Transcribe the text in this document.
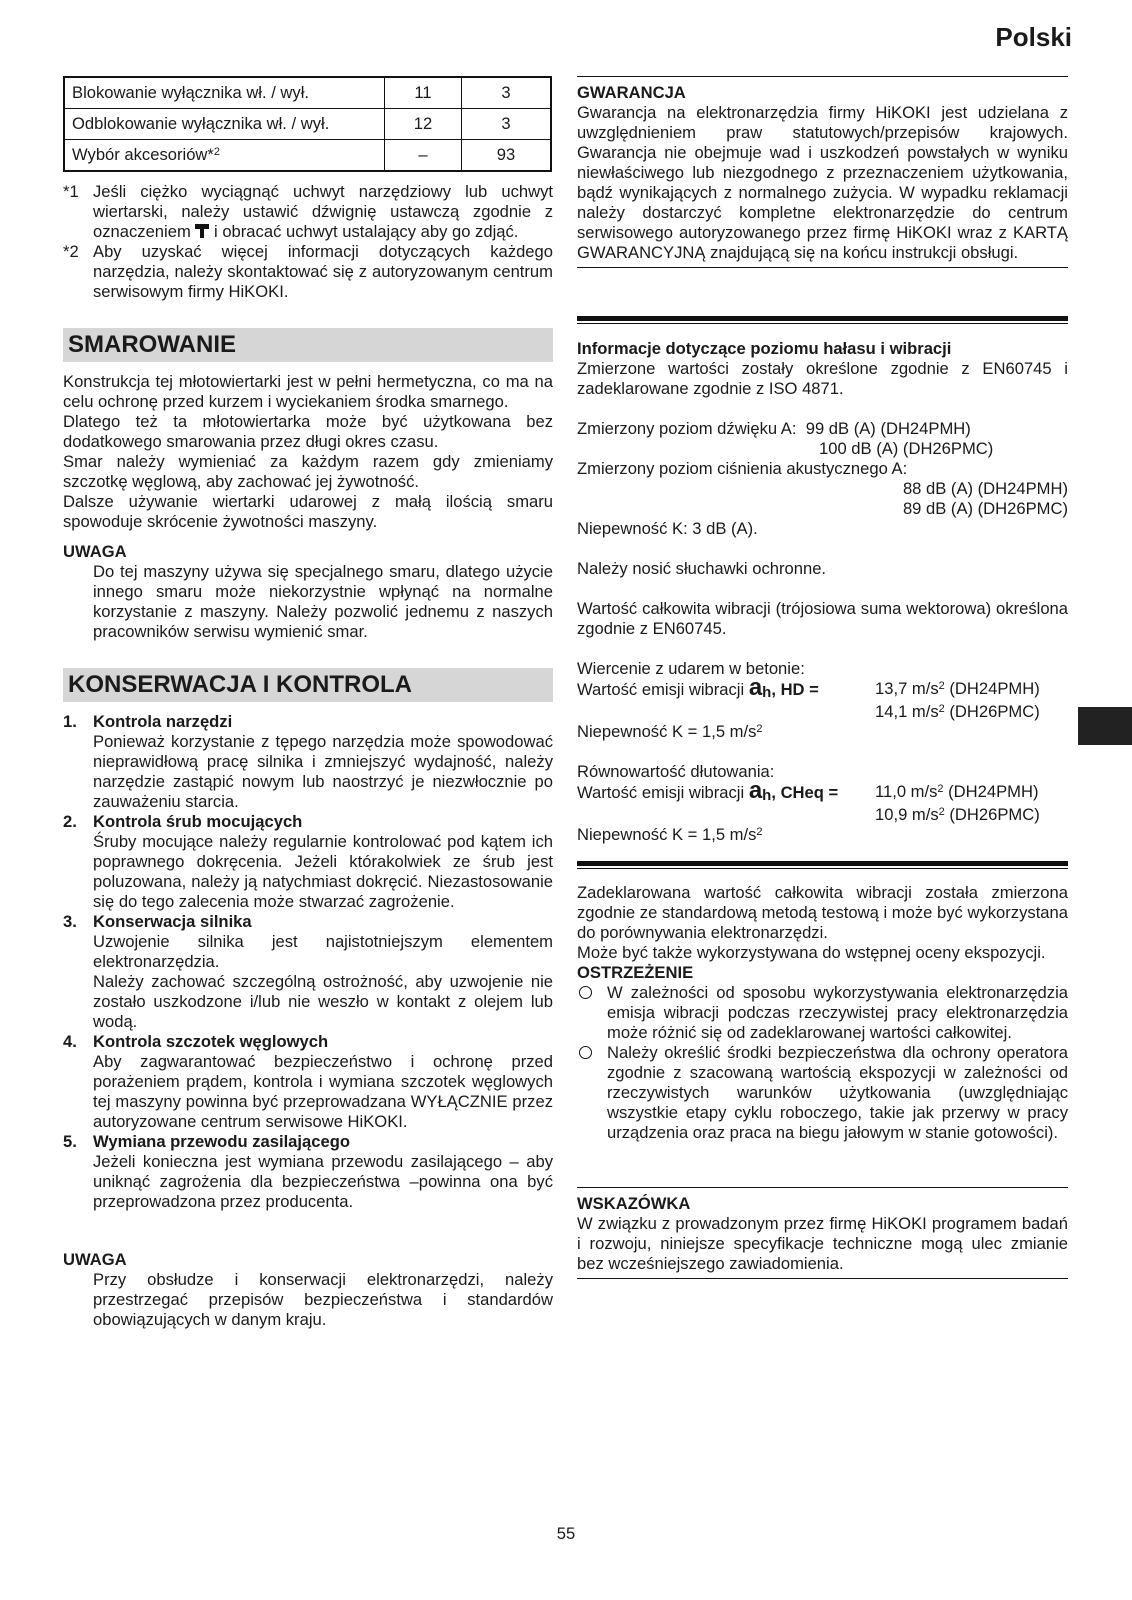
Polski
Blokowanie wyłącznika wł. / wył.	11	3
Odblokowanie wyłącznika wł. / wył.	12	3
Wybór akcesoriów*$^2$	–	93
*1 Jeśli ciężko wyciągnąć uchwyt narzędziowy lub uchwyt wiertarski, należy ustawić dźwignię ustawczą zgodnie z oznaczeniem i obracać uchwyt ustalający aby go zdjąć.
*2 Aby uzyskać więcej informacji dotyczących każdego narzędzia, należy skontaktować się z autoryzowanym centrum serwisowym firmy HiKOKI.
SMAROWANIE

Konstrukcja tej młotowiertarki jest w pełni hermetyczna, co ma na celu ochronę przed kurzem i wyciekaniem środka smarnego.

Dlatego też ta młotowiertarka może być użytkowana bez dodatkowego smarowania przez długi okres czasu.

Smar należy wymieniać za każdym razem gdy zmieniamy szczotkę węglową, aby zachować jej żywotność.

Dalsze używanie wiertarki udarowej z małą ilością smaru spowoduje skrócenie żywotności maszyny.

UWAGA

Do tej maszyny używa się specjalnego smaru, dlatego użycie innego smaru może niekorzystnie wpłynąć na normalne korzystanie z maszyny. Należy pozwolić jednemu z naszych pracowników serwisu wymienić smar.

KONSERWACJA I KONTROLA
1. Kontrola narzędzi

Ponieważ korzystanie z tępego narzędzia może spowodować nieprawidłową pracę silnika i zmniejszyć wydajność, należy narzędzie zastąpić nowym lub naostrzyć je niezwłocznie po zauważeniu starcia.

2. Kontrola śrub mocujących

Śruby mocujące należy regularnie kontrolować pod kątem ich poprawnego dokręcenia. Jeżeli którakolwiek ze śrub jest poluzowana, należy ją natychmiast dokręcić. Niezastosowanie się do tego zalecenia może stwarzać zagrożenie.

3. Konserwacja silnika

Uzwojenie silnika jest najistotniejszym elementem elektronarzędzia.

Należy zachować szczególną ostrożność, aby uzwojenie nie zostało uszkodzone i/lub nie weszło w kontakt z olejem lub wodą.

4. Kontrola szczotek węglowych

Aby zagwarantować bezpieczeństwo i ochronę przed porażeniem prądem, kontrola i wymiana szczotek węglowych tej maszyny powinna być przeprowadzana WYŁĄCZNIE przez autoryzowane centrum serwisowe HiKOKI.

5. Wymiana przewodu zasilającego

Jeżeli konieczna jest wymiana przewodu zasilającego – aby uniknąć zagrożenia dla bezpieczeństwa –powinna ona być przeprowadzona przez producenta.

UWAGA

Przy obsłudze i konserwacji elektronarzędzi, należy przestrzegać przepisów bezpieczeństwa i standardów obowiązujących w danym kraju.

GWARANCJA

Gwarancja na elektronarzędzia firmy HiKOKI jest udzielana z uwzględnieniem praw statutowych/przepisów krajowych. Gwarancja nie obejmuje wad i uszkodzeń powstałych w wyniku niewłaściwego lub niezgodnego z przeznaczeniem użytkowania, bądź wynikających z normalnego zużycia. W wypadku reklamacji należy dostarczyć kompletne elektronarzędzie do centrum serwisowego autoryzowanego przez firmę HiKOKI wraz z KARTĄ GWARANCYJNĄ znajdującą się na końcu instrukcji obsługi.

Informacje dotyczące poziomu hałasu i wibracji

Zmierzone wartości zostały określone zgodnie z EN60745 i zadeklarowane zgodnie z ISO 4871.

Zmierzony poziom dźwięku A: 99 dB (A) (DH24PMH)
100 dB (A) (DH26PMC)
Zmierzony poziom ciśnienia akustycznego A:
88 dB (A) (DH24PMH)
89 dB (A) (DH26PMC)
Niepewność K: 3 dB (A).

Należy nosić słuchawki ochronne.

Wartość całkowita wibracji (trójosiowa suma wektorowa) określona zgodnie z EN60745.

Wiercenie z udarem w betonie:
Wartość emisji wibracji $a_h$, HD =	13,7 $m/s^2$ (DH24PMH)
14,1 $m/s^2$ (DH26PMC)
Niepewność K = 1,5 $m/s^2$
Równowartość dłutowania:
Wartość emisji wibracji $a_h$, CHeq =	11,0 $m/s^2$ (DH24PMH)
10,9 $m/s^2$ (DH26PMC)
Niepewność K = 1,5 $m/s^2$

Zadeklarowana wartość całkowita wibracji została zmierzona zgodnie ze standardową metodą testową i może być wykorzystana do porównywania elektronarzędzi.

Może być także wykorzystywana do wstępnej oceny ekspozycji.

OSTRZEŻENIE
W zależności od sposobu wykorzystywania elektronarzędzia emisja wibracji podczas rzeczywistej pracy elektronarzędzia może różnić się od zadeklarowanej wartości całkowitej.
Należy określić środki bezpieczeństwa dla ochrony operatora zgodnie z szacowaną wartością ekspozycji w zależności od rzeczywistych warunków użytkowania (uwzględniając wszystkie etapy cyklu roboczego, takie jak przerwy w pracy urządzenia oraz praca na biegu jałowym w stanie gotowości).
WSKAZÓWKA

W związku z prowadzonym przez firmę HiKOKI programem badań i rozwoju, niniejsze specyfikacje techniczne mogą ulec zmianie bez wcześniejszego zawiadomienia.

55
